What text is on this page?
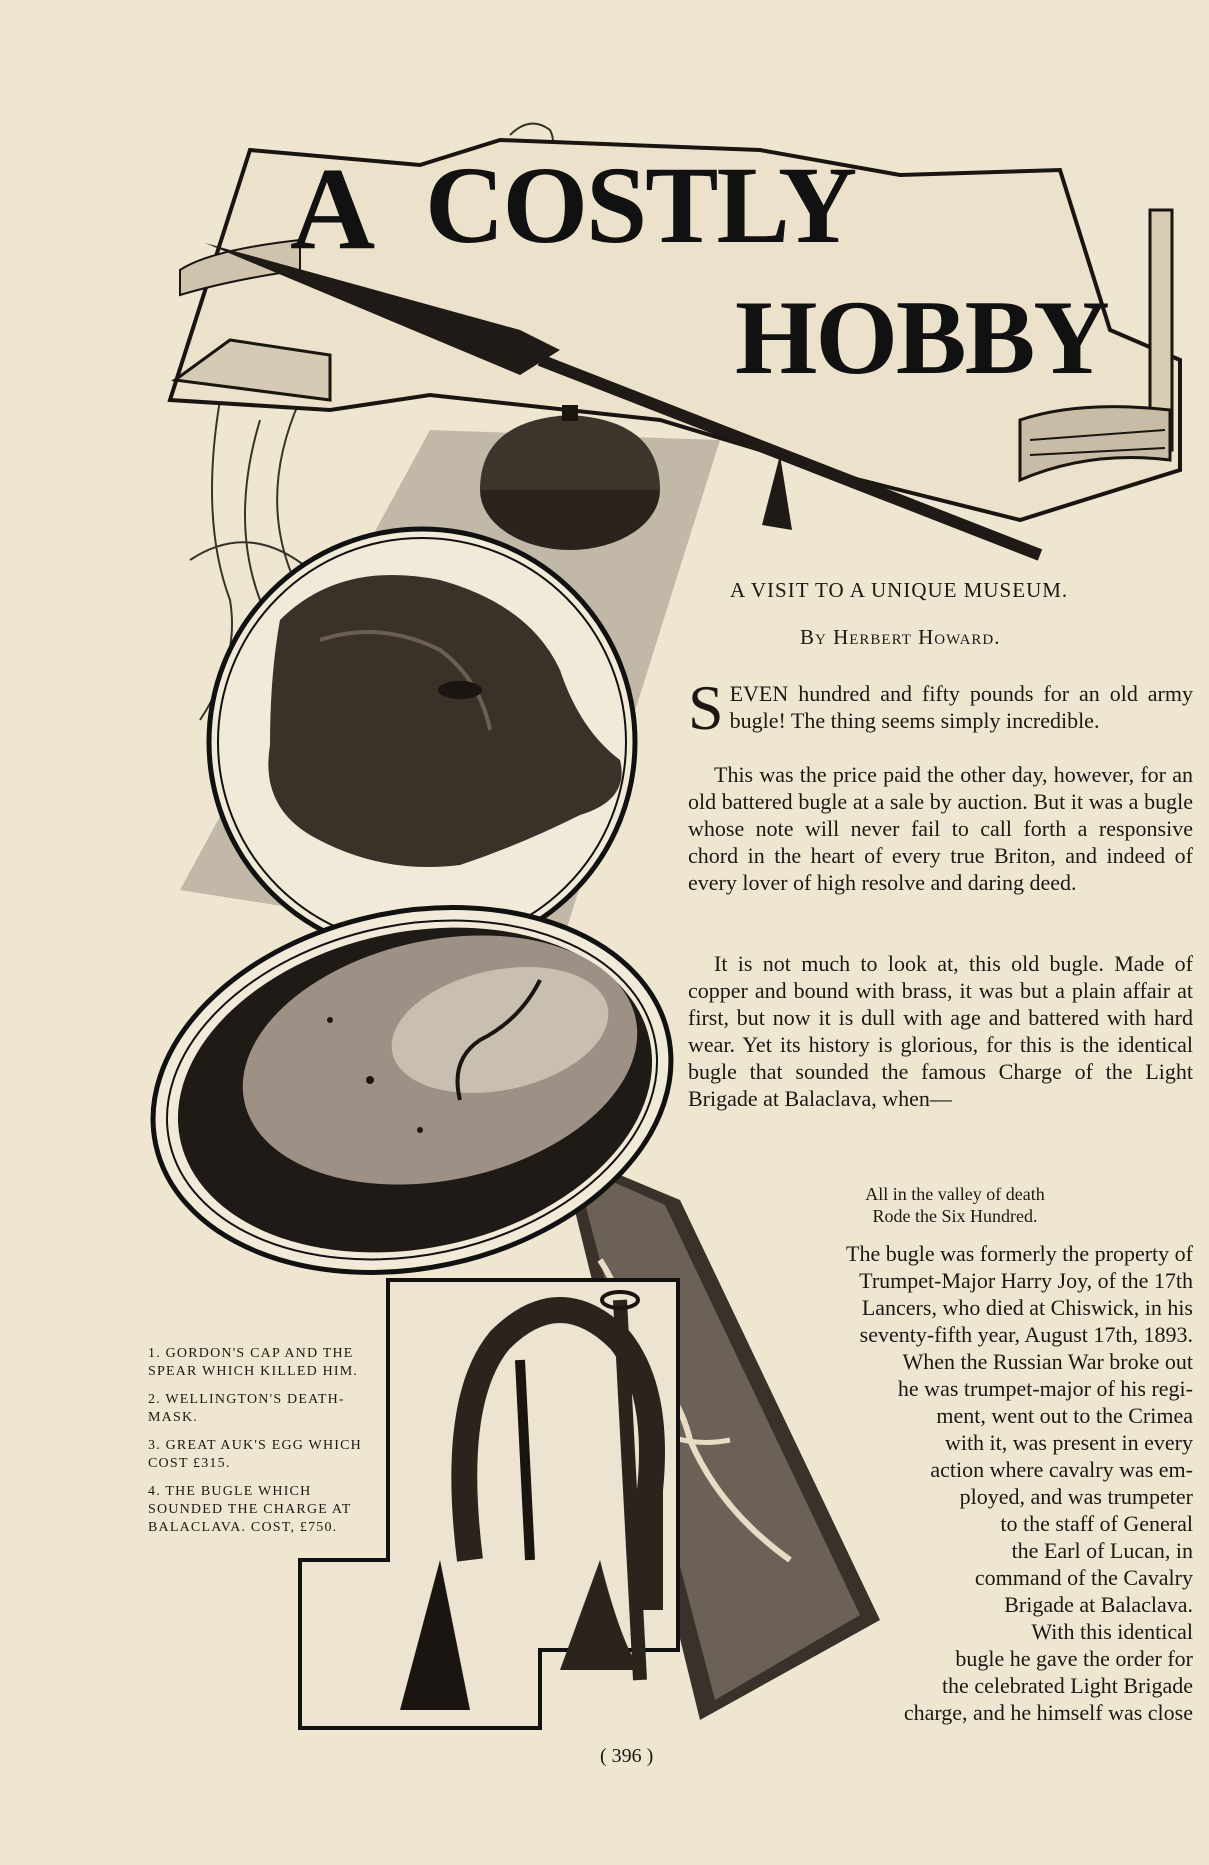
A COSTLY
HOBBY
A VISIT TO A UNIQUE MUSEUM.
By Herbert Howard.
S EVEN hundred and fifty pounds for an old army bugle! The thing seems simply incredible.
This was the price paid the other day, however, for an old battered bugle at a sale by auction. But it was a bugle whose note will never fail to call forth a responsive chord in the heart of every true Briton, and indeed of every lover of high resolve and daring deed.
It is not much to look at, this old bugle. Made of copper and bound with brass, it was but a plain affair at first, but now it is dull with age and battered with hard wear. Yet its history is glorious, for this is the identical bugle that sounded the famous Charge of the Light Brigade at Balaclava, when—
All in the valley of death
Rode the Six Hundred.
The bugle was formerly the property of
Trumpet-Major Harry Joy, of the 17th
Lancers, who died at Chiswick, in his
seventy-fifth year, August 17th, 1893.
When the Russian War broke out
he was trumpet-major of his regi-
ment, went out to the Crimea
with it, was present in every
action where cavalry was em-
ployed, and was trumpeter
to the staff of General
the Earl of Lucan, in
command of the Cavalry
Brigade at Balaclava.
With this identical
bugle he gave the order for
the celebrated Light Brigade
charge, and he himself was close

1. GORDON'S CAP AND THE SPEAR WHICH KILLED HIM.

2. WELLINGTON'S DEATH-MASK.

3. GREAT AUK'S EGG WHICH COST £315.

4. THE BUGLE WHICH SOUNDED THE CHARGE AT BALACLAVA. COST, £750.

( 396 )
